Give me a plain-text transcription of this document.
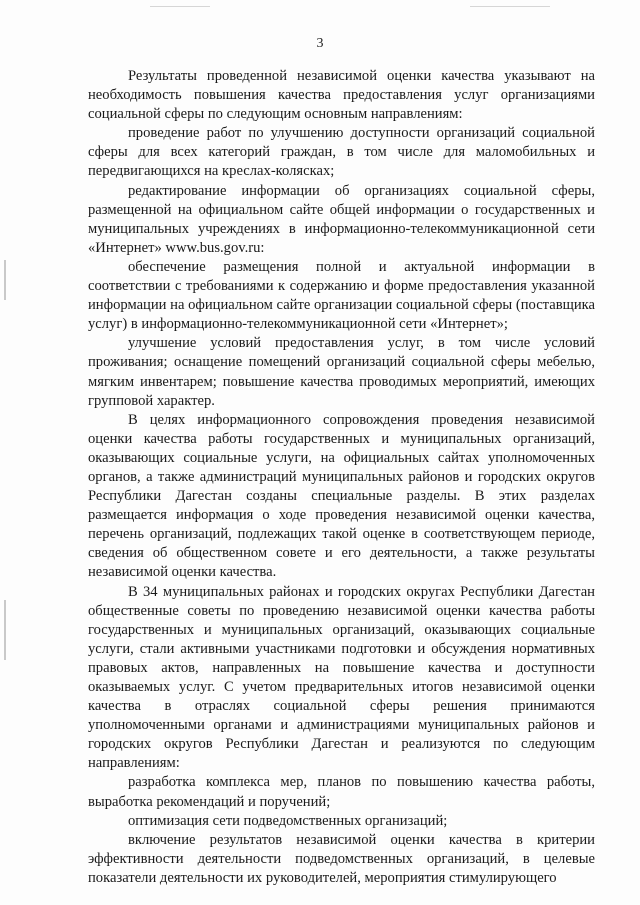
3

Результаты проведенной независимой оценки качества указывают на необходимость повышения качества предоставления услуг организациями социальной сферы по следующим основным направлениям:

проведение работ по улучшению доступности организаций социальной сферы для всех категорий граждан, в том числе для маломобильных и передвигающихся на креслах-колясках;

редактирование информации об организациях социальной сферы, размещенной на официальном сайте общей информации о государственных и муниципальных учреждениях в информационно-телекоммуникационной сети «Интернет» www.bus.gov.ru:

обеспечение размещения полной и актуальной информации в соответствии с требованиями к содержанию и форме предоставления указанной информации на официальном сайте организации социальной сферы (поставщика услуг) в информационно-телекоммуникационной сети «Интернет»;

улучшение условий предоставления услуг, в том числе условий проживания; оснащение помещений организаций социальной сферы мебелью, мягким инвентарем; повышение качества проводимых мероприятий, имеющих групповой характер.

В целях информационного сопровождения проведения независимой оценки качества работы государственных и муниципальных организаций, оказывающих социальные услуги, на официальных сайтах уполномоченных органов, а также администраций муниципальных районов и городских округов Республики Дагестан созданы специальные разделы. В этих разделах размещается информация о ходе проведения независимой оценки качества, перечень организаций, подлежащих такой оценке в соответствующем периоде, сведения об общественном совете и его деятельности, а также результаты независимой оценки качества.

В 34 муниципальных районах и городских округах Республики Дагестан общественные советы по проведению независимой оценки качества работы государственных и муниципальных организаций, оказывающих социальные услуги, стали активными участниками подготовки и обсуждения нормативных правовых актов, направленных на повышение качества и доступности оказываемых услуг. С учетом предварительных итогов независимой оценки качества в отраслях социальной сферы решения принимаются уполномоченными органами и администрациями муниципальных районов и городских округов Республики Дагестан и реализуются по следующим направлениям:

разработка комплекса мер, планов по повышению качества работы, выработка рекомендаций и поручений;

оптимизация сети подведомственных организаций;

включение результатов независимой оценки качества в критерии эффективности деятельности подведомственных организаций, в целевые показатели деятельности их руководителей, мероприятия стимулирующего
